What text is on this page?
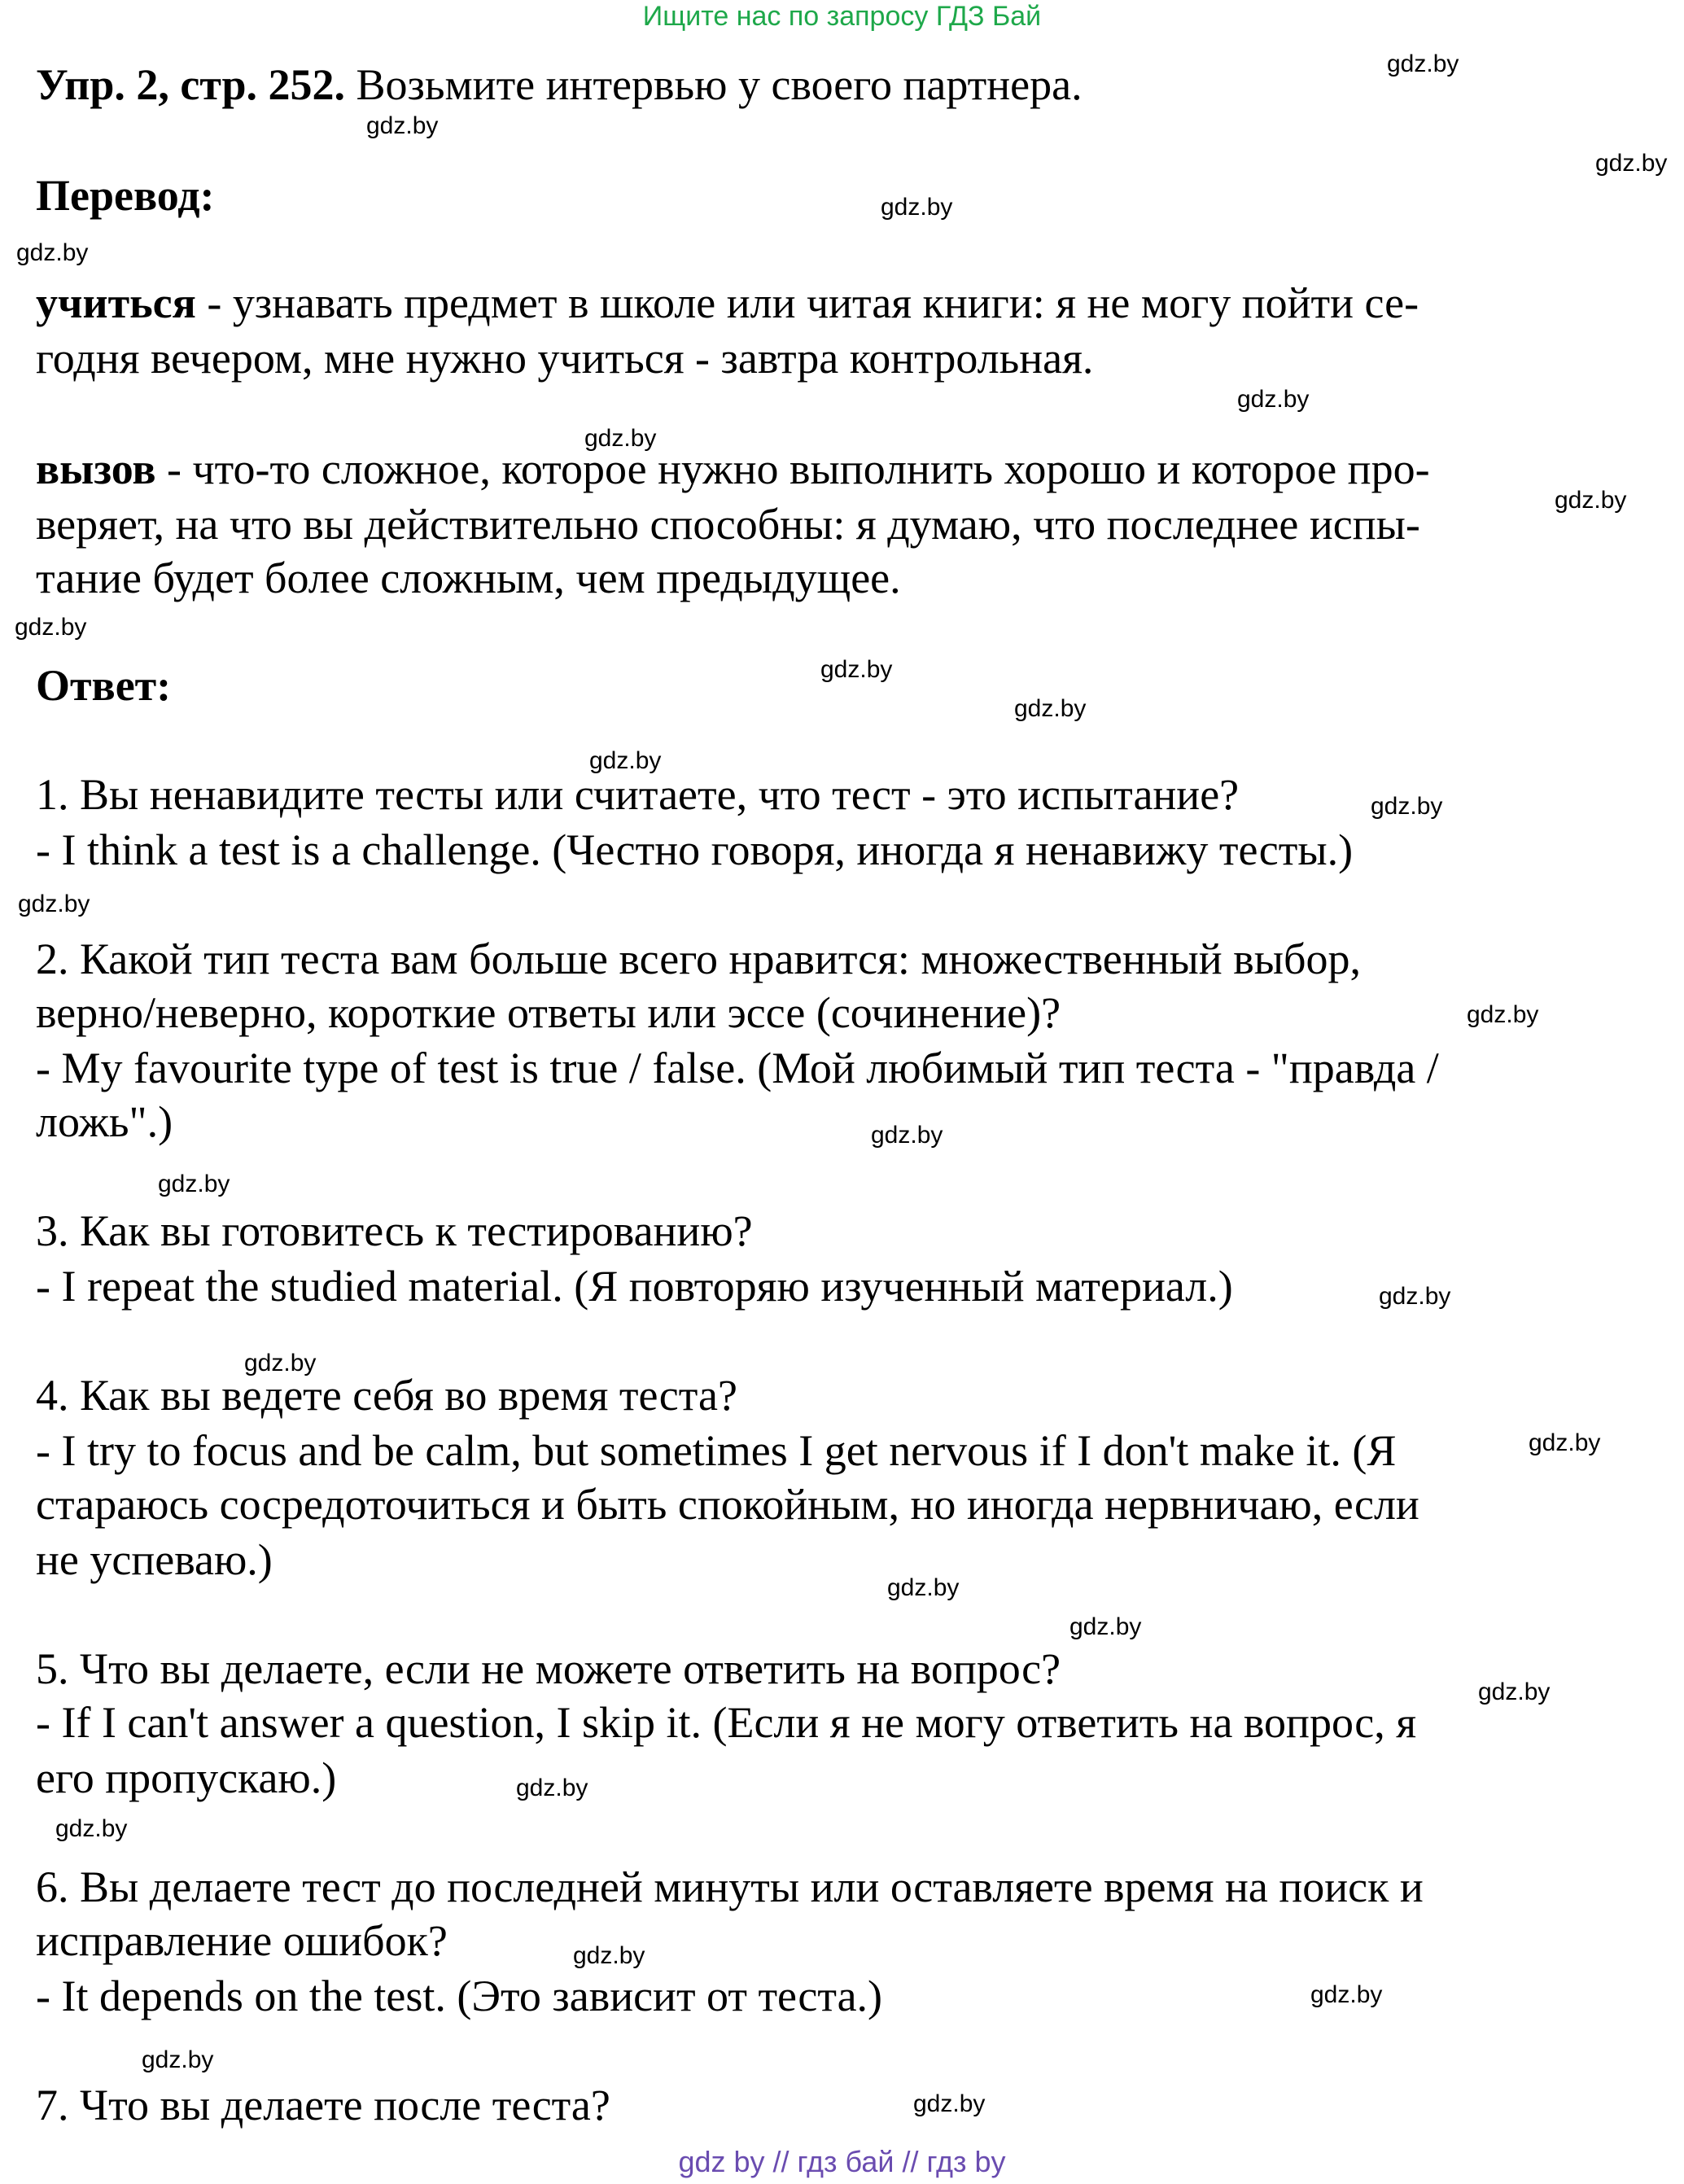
Ищите нас по запросу ГДЗ Бай
Упр. 2, стр. 252. Возьмите интервью у своего партнера.
Перевод:
учиться - узнавать предмет в школе или читая книги: я не могу пойти се-
годня вечером, мне нужно учиться - завтра контрольная.
вызов - что-то сложное, которое нужно выполнить хорошо и которое про-
веряет, на что вы действительно способны: я думаю, что последнее испы-
тание будет более сложным, чем предыдущее.
Ответ:
1. Вы ненавидите тесты или считаете, что тест - это испытание?
- I think a test is a challenge. (Честно говоря, иногда я ненавижу тесты.)
2. Какой тип теста вам больше всего нравится: множественный выбор,
верно/неверно, короткие ответы или эссе (сочинение)?
- My favourite type of test is true / false. (Мой любимый тип теста - "правда /
ложь".)
3. Как вы готовитесь к тестированию?
- I repeat the studied material. (Я повторяю изученный материал.)
4. Как вы ведете себя во время теста?
- I try to focus and be calm, but sometimes I get nervous if I don't make it. (Я
стараюсь сосредоточиться и быть спокойным, но иногда нервничаю, если
не успеваю.)
5. Что вы делаете, если не можете ответить на вопрос?
- If I can't answer a question, I skip it. (Если я не могу ответить на вопрос, я
его пропускаю.)
6. Вы делаете тест до последней минуты или оставляете время на поиск и
исправление ошибок?
- It depends on the test. (Это зависит от теста.)
7. Что вы делаете после теста?
gdz.by
gdz.by
gdz.by
gdz.by
gdz.by
gdz.by
gdz.by
gdz.by
gdz.by
gdz.by
gdz.by
gdz.by
gdz.by
gdz.by
gdz.by
gdz.by
gdz.by
gdz.by
gdz.by
gdz.by
gdz.by
gdz.by
gdz.by
gdz.by
gdz.by
gdz.by
gdz.by
gdz.by
gdz.by
gdz by // гдз бай // гдз by
